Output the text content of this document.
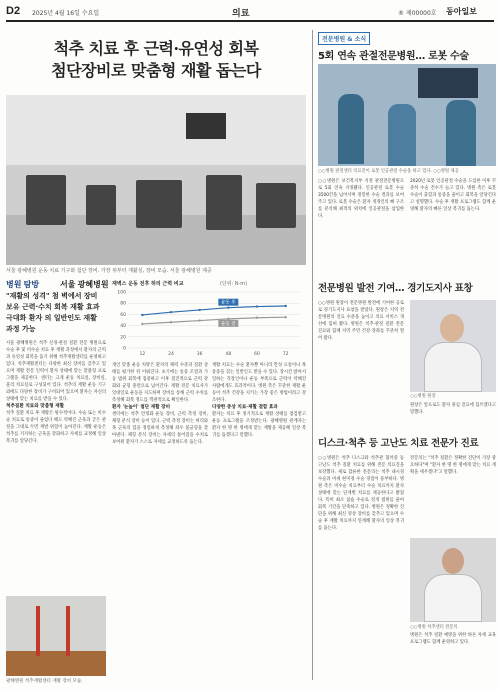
D2 2025년 4월 16일 수요일	의료	® 제00000호 동아일보
척추 치료 후 근력·유연성 회복
첨단장비로 맞춤형 재활 돕는다
서울 광혜병원 운동 치료 기구와 첨단 장비. 가장 위부터 재활실, 장비 모습. 서울 광혜병원 제공
병원 탐방	서울 광혜병원
"재활의 성격" 첨 벽에서 장비 보유 근력·수치 회복 재활 효과 극대화 환자 의 일반인도 재활 과정 가능

서울 광혜병원은 척추 신경·관절 질환 전문 병원으로 수술 후 및 비수술 치료 후 재활 과정에서 환자의 근력과 유연성 회복을 돕기 위해 척추재활센터를 운영하고 있다. 척추재활센터는 다양한 최신 장비를 갖추고 있으며 재활 전문 인력이 환자 상태에 맞는 맞춤형 프로그램을 제공한다. 센터는 크게 운동 치료실, 장비실, 물리 치료실로 구성되어 있다. 척추의 재활 운동 기구 외에도 다양한 장비가 구비되어 있으며 환자는 자신의 상태에 맞는 치료를 받을 수 있다.

척추질환 치료와 맞춤형 재활

척추 질환 치료 후 재활은 필수적이다. 수술 또는 비수술 치료로 통증이 줄었다 해도 약해진 근육과 굳은 관절을 그대로 두면 재발 위험이 높아진다. 재활 운동은 척추를 지지하는 근육을 강화하고 자세를 교정해 일상 복귀를 앞당긴다.

재벽스 운동 전후 허리 근력 비교	(단위: N·m)
0
20
40
60
80
100
12	24	36	48	60	72
운동 후
운동 전

개인 맞춤 운동 처방은 환자의 체력 수준과 질환 상태를 평가한 뒤 이뤄진다. 초기에는 통증 조절과 가동 범위 회복에 집중하고 이후 점진적으로 근력 강화와 균형 훈련으로 넘어간다. 재활 전문 치료사가 일대일로 운동을 지도하며 장비를 통해 근력 수치를 측정해 회복 정도를 객관적으로 확인한다.

환자 '눈높이' 첨단 재활 장비

센터에는 척추 안정화 운동 장비, 근력 측정 장비, 체형 분석 장비 등이 있다. 근력 측정 장비는 허리와 목 근육의 힘을 정밀하게 측정해 좌우 불균형을 찾아낸다. 체형 분석 장비는 자세의 틀어짐을 수치로 보여줘 환자가 스스로 자세를 교정하도록 돕는다.

재활 치료는 수술 환자뿐 아니라 만성 요통이나 목 통증을 겪는 일반인도 받을 수 있다. 장시간 앉아서 일하는 직장인이나 운동 부족으로 근력이 약해진 사람에게도 효과적이다. 병원 측은 꾸준한 재활 운동이 척추 건강을 지키는 가장 좋은 방법이라고 강조한다.

다양한 증상 치료·재활 결합 효과

환자는 치료 후 정기적으로 재활 상태를 점검받고 운동 프로그램을 조정받는다. 광혜병원 관계자는 환자 한 명 한 명에게 맞는 재활을 제공해 일상 복귀를 돕겠다고 말했다.

광혜병원 척추재활센터 재활 장비 모습.
전문병원 & 소식
5회 연속 관절전문병원… 로봇 수술
○○병원 관절센터 의료진이 로봇 인공관절 수술을 하고 있다. ○○병원 제공
○○병원은 보건복지부 지정 관절전문병원으로 5회 연속 지정됐다. 인공관절 로봇 수술 3500건을 넘어서며 정밀한 수술 결과를 보여주고 있다. 로봇 수술은 환자 개개인의 뼈 구조를 분석해 최적의 위치에 인공관절을 삽입한다.
2020년 로봇 인공관절 수술을 도입한 이후 꾸준히 수술 건수가 늘고 있다. 병원 측은 로봇 수술이 출혈과 통증을 줄이고 회복을 앞당긴다고 설명했다. 수술 후 재활 프로그램도 함께 운영해 환자의 빠른 일상 복귀를 돕는다.
전문병원 발전 기여… 경기도지사 표창
○○병원 원장이 전문병원 발전에 기여한 공로로 경기도지사 표창을 받았다. 원장은 지역 전문병원의 진료 수준을 높이고 의료 서비스 개선에 힘써 왔다. 병원은 척추·관절 질환 전문 진료와 함께 지역 주민 건강 강좌를 꾸준히 열어 왔다.
○○병원 원장
원장은 앞으로도 환자 중심 진료에 힘쓰겠다고 말했다.
디스크·척추 등 고난도 치료 전문가 진료
○○병원은 척추 디스크와 척추관 협착증 등 고난도 척추 질환 치료를 위해 전문 의료진을 보강했다. 새로 합류한 전문의는 척추 내시경 수술과 미세 현미경 수술 경험이 풍부하다. 병원 측은 비수술 치료부터 수술 치료까지 환자 상태에 맞는 단계별 치료를 제공한다고 밝혔다. 특히 최소 침습 수술로 절개 범위를 줄여 회복 기간을 단축하고 있다. 병원은 정확한 진단을 위해 최신 영상 장비를 갖추고 있으며 수술 후 재활 치료까지 연계해 환자의 일상 복귀를 돕는다.
전문의는 "척추 질환은 정확한 진단이 가장 중요하다"며 "환자 한 명 한 명에게 맞는 치료 계획을 세우겠다"고 말했다.
○○병원 척추센터 전문의
병원은 척추 질환 예방을 위한 바른 자세 교육 프로그램도 함께 운영하고 있다.
